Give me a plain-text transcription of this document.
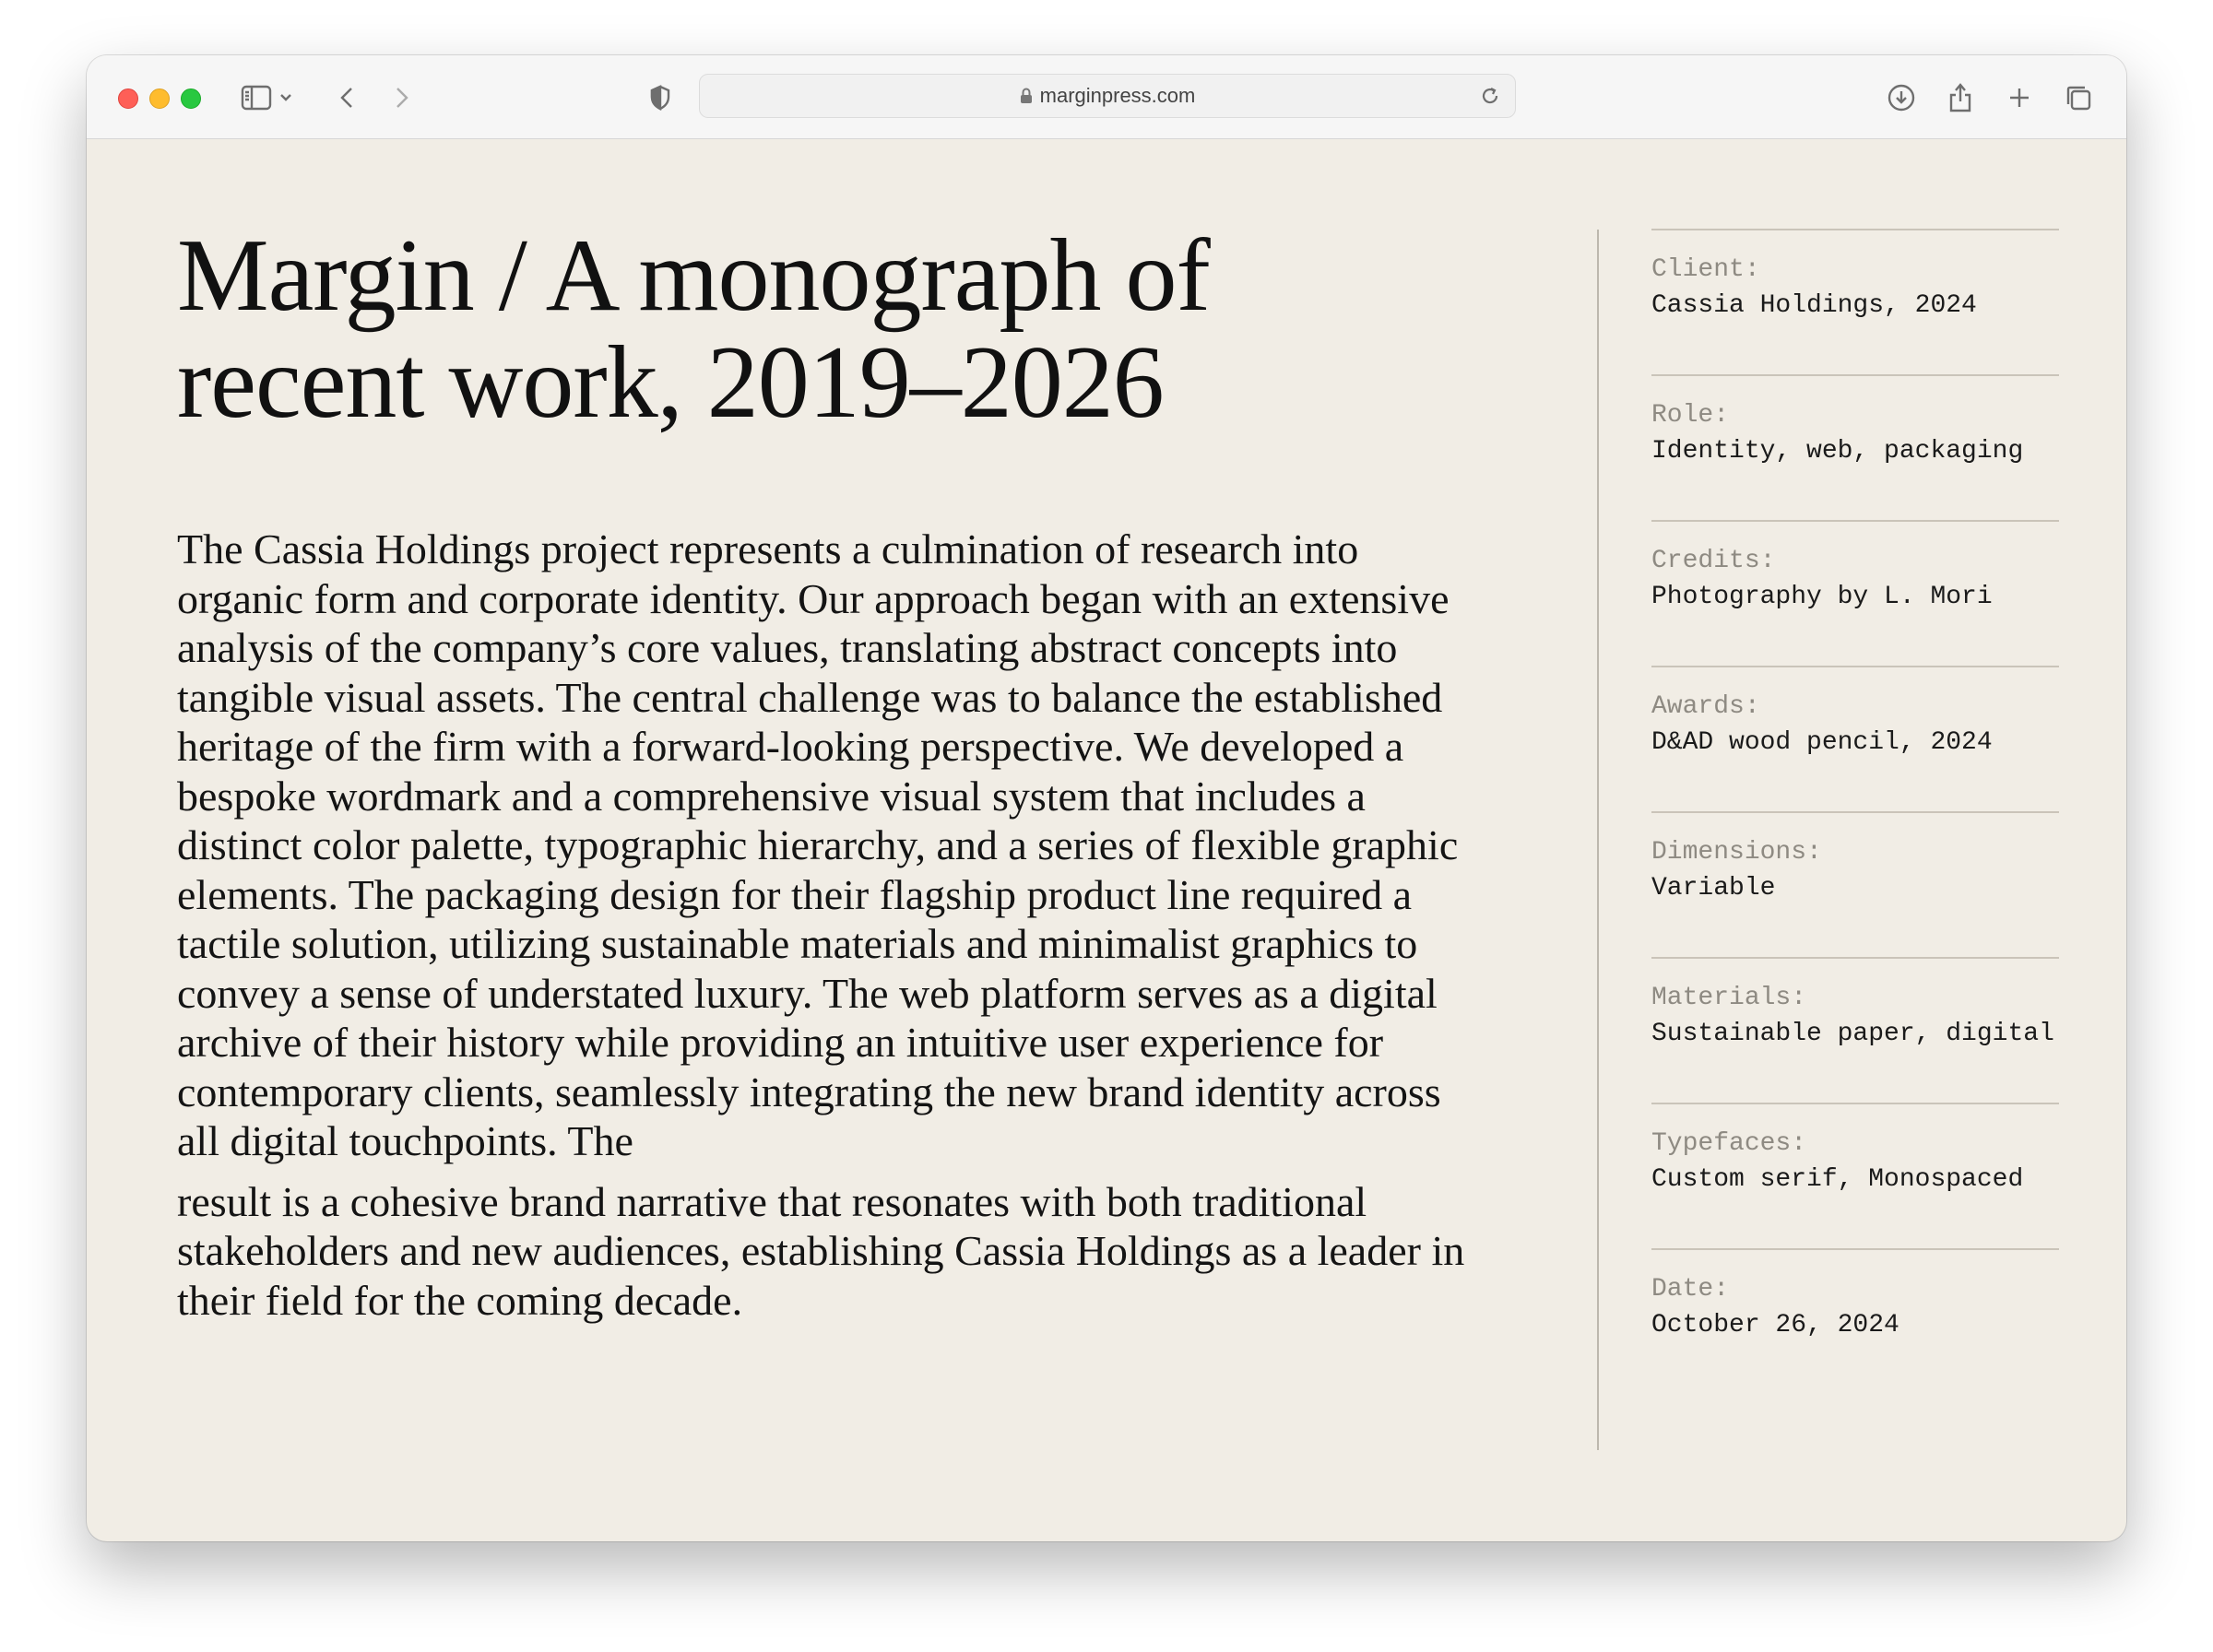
marginpress.com
Margin / A monograph of
recent work, 2019–2026

The Cassia Holdings project represents a culmination of research into organic form and corporate identity. Our approach began with an extensive analysis of the company’s core values, translating abstract concepts into tangible visual assets. The central challenge was to balance the established heritage of the firm with a forward-looking perspective. We developed a bespoke wordmark and a comprehensive visual system that includes a distinct color palette, typographic hierarchy, and a series of flexible graphic elements. The packaging design for their flagship product line required a tactile solution, utilizing sustainable materials and minimalist graphics to convey a sense of understated luxury. The web platform serves as a digital archive of their history while providing an intuitive user experience for contemporary clients, seamlessly integrating the new brand identity across all digital touchpoints. The

result is a cohesive brand narrative that resonates with both traditional stakeholders and new audiences, establishing Cassia Holdings as a leader in their field for the coming decade.

Client:
Cassia Holdings, 2024
Role:
Identity, web, packaging
Credits:
Photography by L. Mori
Awards:
D&AD wood pencil, 2024
Dimensions:
Variable
Materials:
Sustainable paper, digital
Typefaces:
Custom serif, Monospaced
Date:
October 26, 2024
